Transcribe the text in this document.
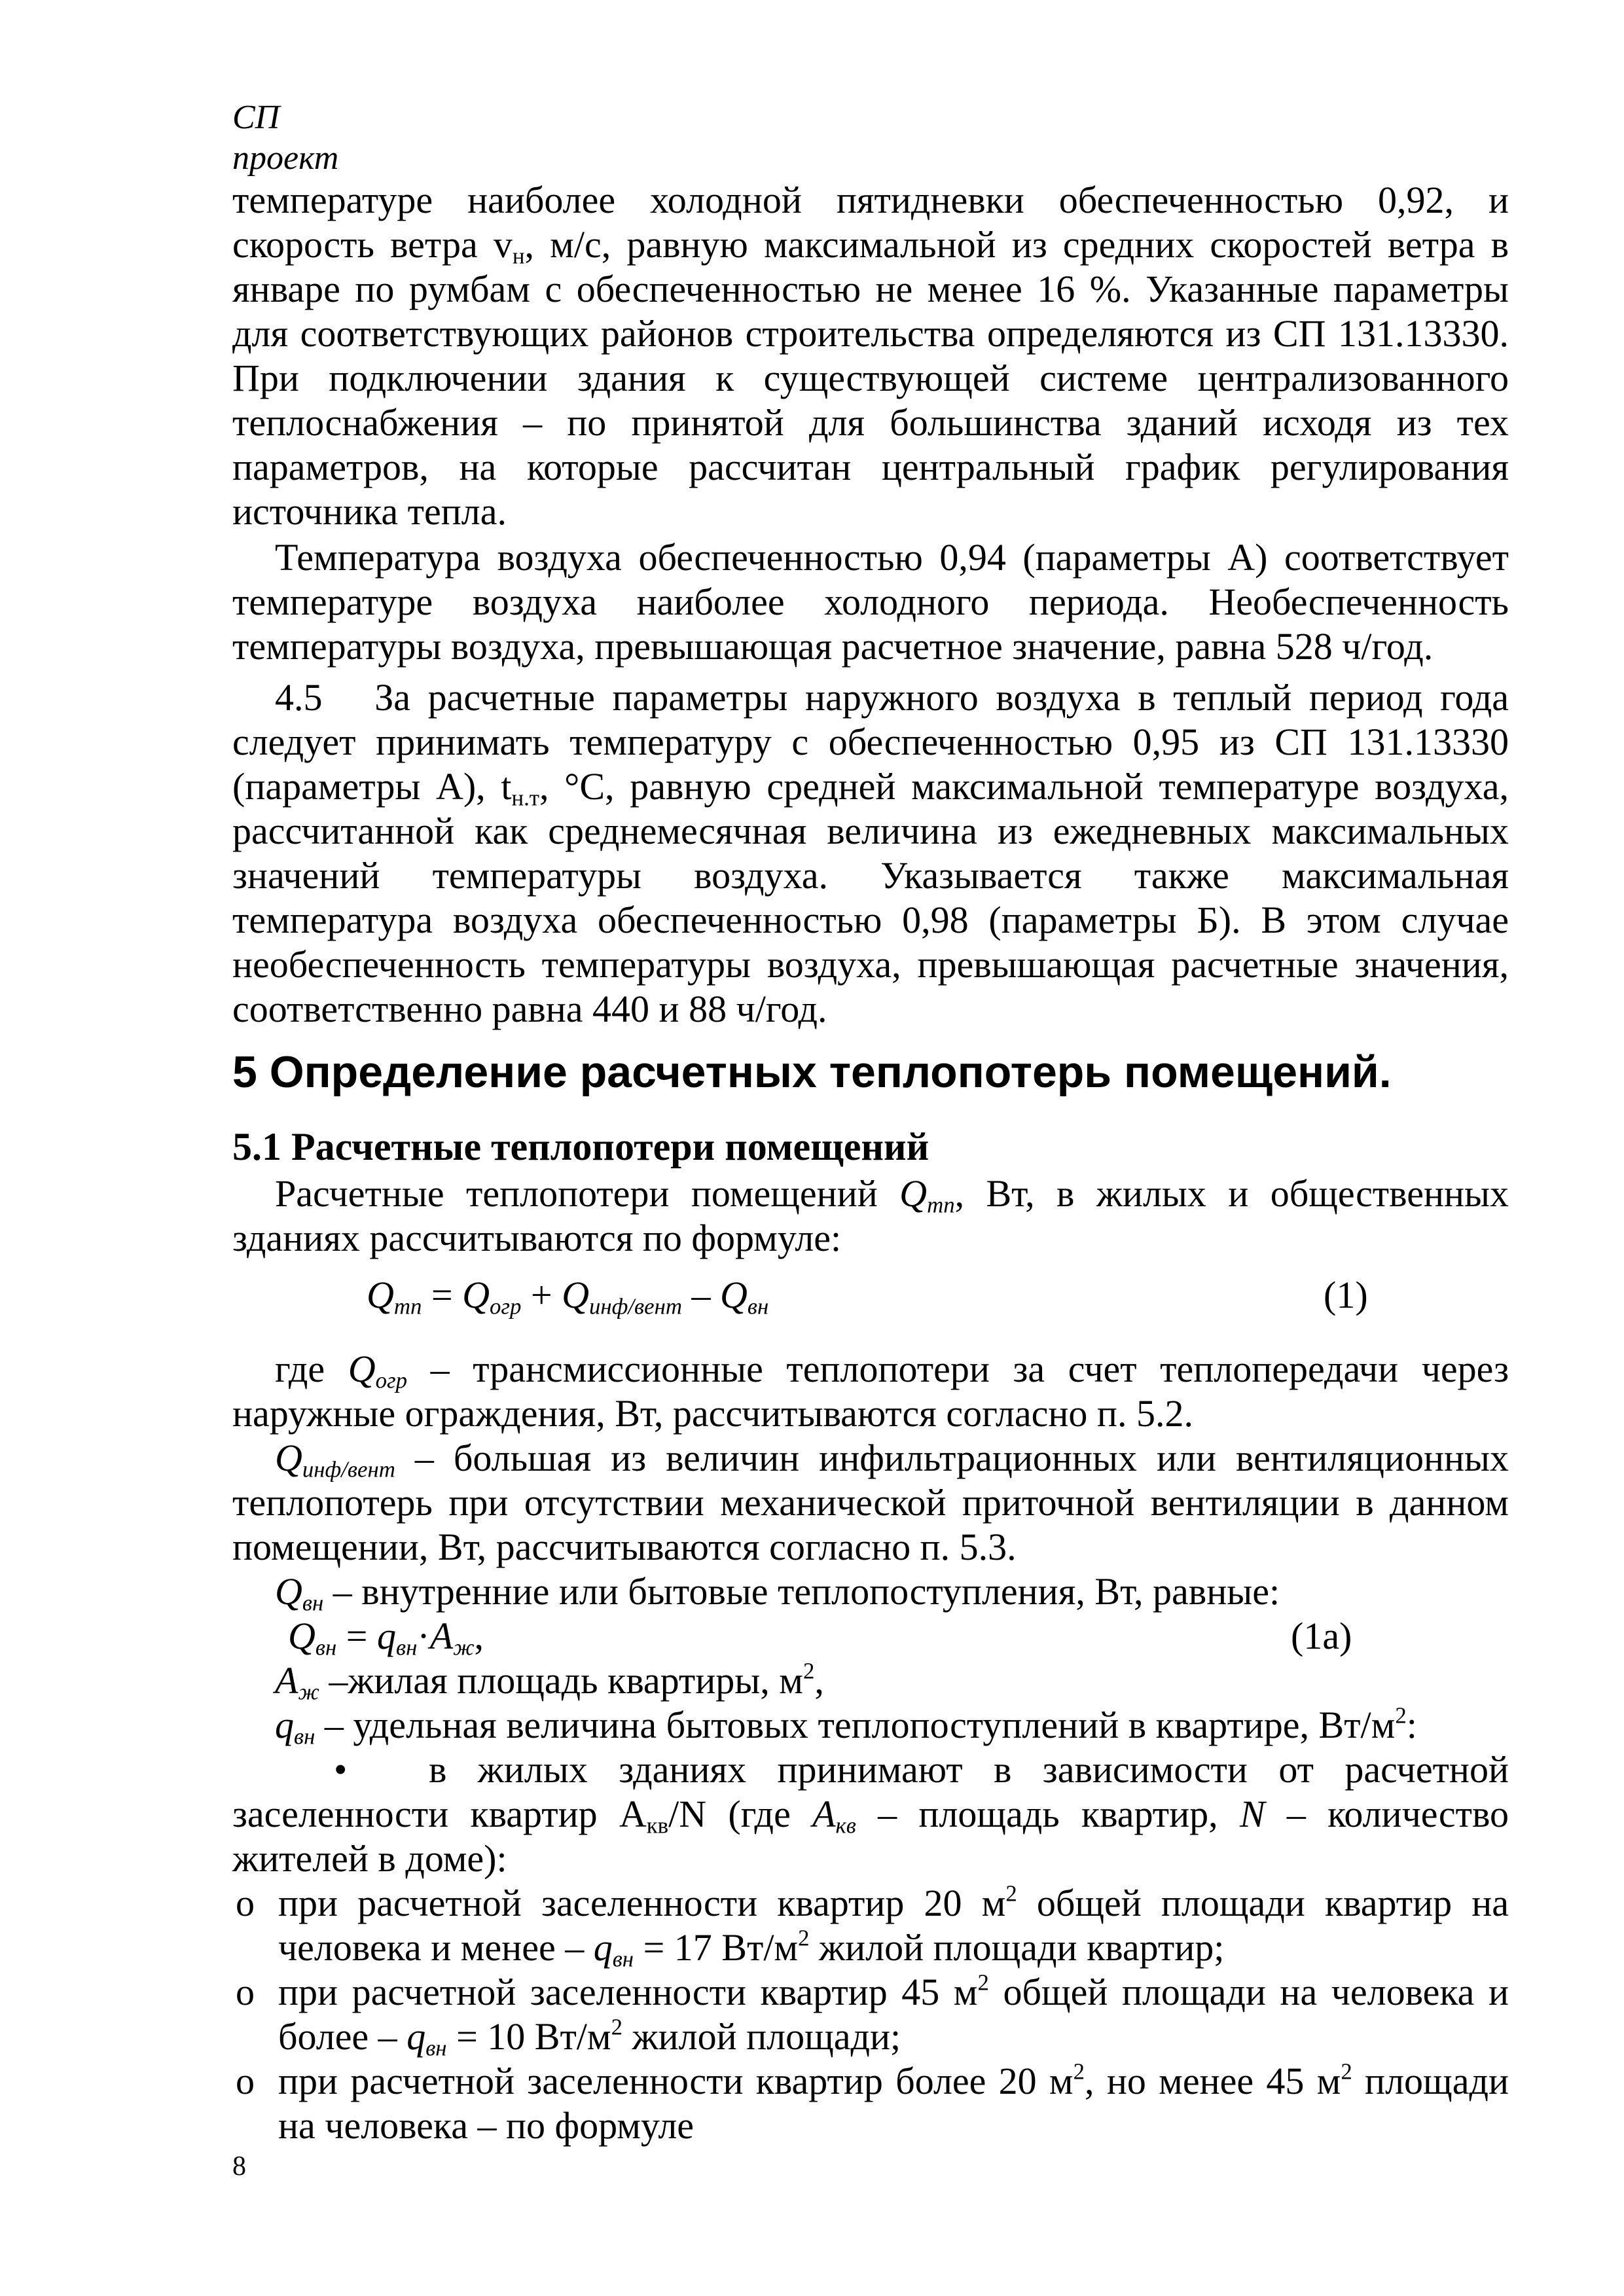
СП
проект
температуре наиболее холодной пятидневки обеспеченностью 0,92, и
скорость ветра $v_н$, м/с, равную максимальной из средних скоростей ветра в
январе по румбам с обеспеченностью не менее 16 %. Указанные параметры
для соответствующих районов строительства определяются из СП 131.13330.
При подключении здания к существующей системе централизованного
теплоснабжения – по принятой для большинства зданий исходя из тех
параметров, на которые рассчитан центральный график регулирования
источника тепла.
Температура воздуха обеспеченностью 0,94 (параметры А) соответствует
температуре воздуха наиболее холодного периода. Необеспеченность
температуры воздуха, превышающая расчетное значение, равна 528 ч/год.
4.5   За расчетные параметры наружного воздуха в теплый период года
следует принимать температуру с обеспеченностью 0,95 из СП 131.13330
(параметры А), $t_{н.т}$, °С, равную средней максимальной температуре воздуха,
рассчитанной как среднемесячная величина из ежедневных максимальных
значений температуры воздуха. Указывается также максимальная
температура воздуха обеспеченностью 0,98 (параметры Б). В этом случае
необеспеченность температуры воздуха, превышающая расчетные значения,
соответственно равна 440 и 88 ч/год.
5 Определение расчетных теплопотерь помещений.
5.1 Расчетные теплопотери помещений
Расчетные теплопотери помещений $Q_{тп}$, Вт, в жилых и общественных
зданиях рассчитываются по формуле:
$Q_{тп} = Q_{огр} + Q_{инф/вент} - Q_{вн}$	(1)
где $Q_{огр}$ – трансмиссионные теплопотери за счет теплопередачи через
наружные ограждения, Вт, рассчитываются согласно п. 5.2.
$Q_{инф/вент}$ – большая из величин инфильтрационных или вентиляционных
теплопотерь при отсутствии механической приточной вентиляции в данном
помещении, Вт, рассчитываются согласно п. 5.3.
$Q_{вн}$ – внутренние или бытовые теплопоступления, Вт, равные:
$Q_{вн} = q_{вн}\cdot A_ж$,	(1а)
$A_ж$ –жилая площадь квартиры, $м^2$,
$q_{вн}$ – удельная величина бытовых теплопоступлений в квартире, $Вт/м^2$:
• в жилых зданиях принимают в зависимости от расчетной
заселенности квартир $А_{кв}/N$ (где $А_{кв}$ – площадь квартир, N – количество
жителей в доме):
o при расчетной заселенности квартир 20 $м^2$ общей площади квартир на
человека и менее – $q_{вн} = 17$ $Вт/м^2$ жилой площади квартир;
o при расчетной заселенности квартир 45 $м^2$ общей площади на человека и
более – $q_{вн} = 10$ $Вт/м^2$ жилой площади;
o при расчетной заселенности квартир более 20 $м^2$, но менее 45 $м^2$ площади
на человека – по формуле
8
